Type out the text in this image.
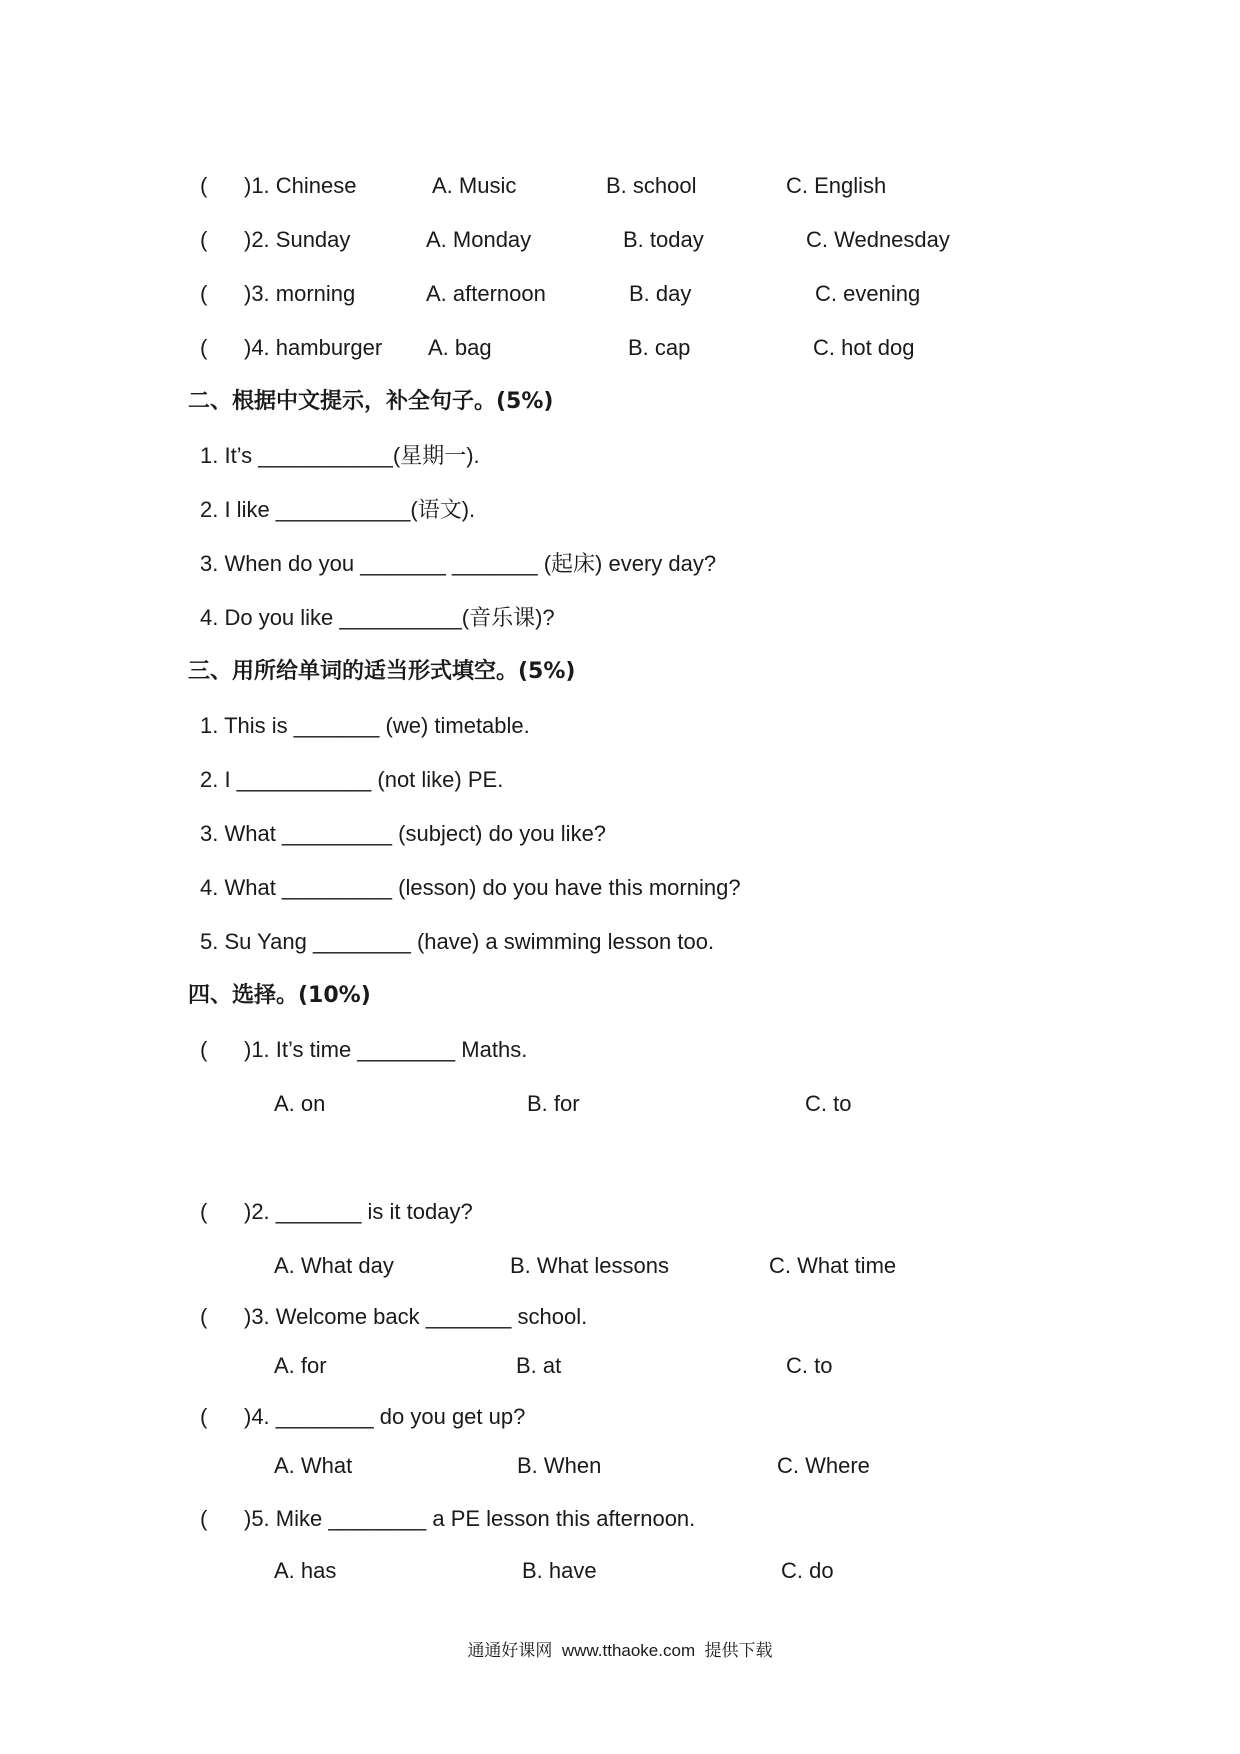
( )1. Chinese	A. Music	B. school	C. English
( )2. Sunday	A. Monday	B. today	C. Wednesday
( )3. morning	A. afternoon	B. day	C. evening
( )4. hamburger A. bag	B. cap	C. hot dog
二、根据中文提示，补全句子。(5%)
1. It’s ___________(星期一).
2. I like ___________(语文).
3. When do you _______ _______ (起床) every day?
4. Do you like __________(音乐课)?
三、用所给单词的适当形式填空。(5%)
1. This is _______ (we) timetable.
2. I ___________ (not like) PE.
3. What _________ (subject) do you like?
4. What _________ (lesson) do you have this morning?
5. Su Yang ________ (have) a swimming lesson too.
四、选择。(10%)
( )1. It’s time ________ Maths.
A. on	B. for	C. to
( )2. _______ is it today?
A. What day	B. What lessons	C. What time
( )3. Welcome back _______ school.
A. for	B. at	C. to
( )4. ________ do you get up?
A. What	B. When	C. Where
( )5. Mike ________ a PE lesson this afternoon.
A. has	B. have	C. do
通通好课网  www.tthaoke.com  提供下载
